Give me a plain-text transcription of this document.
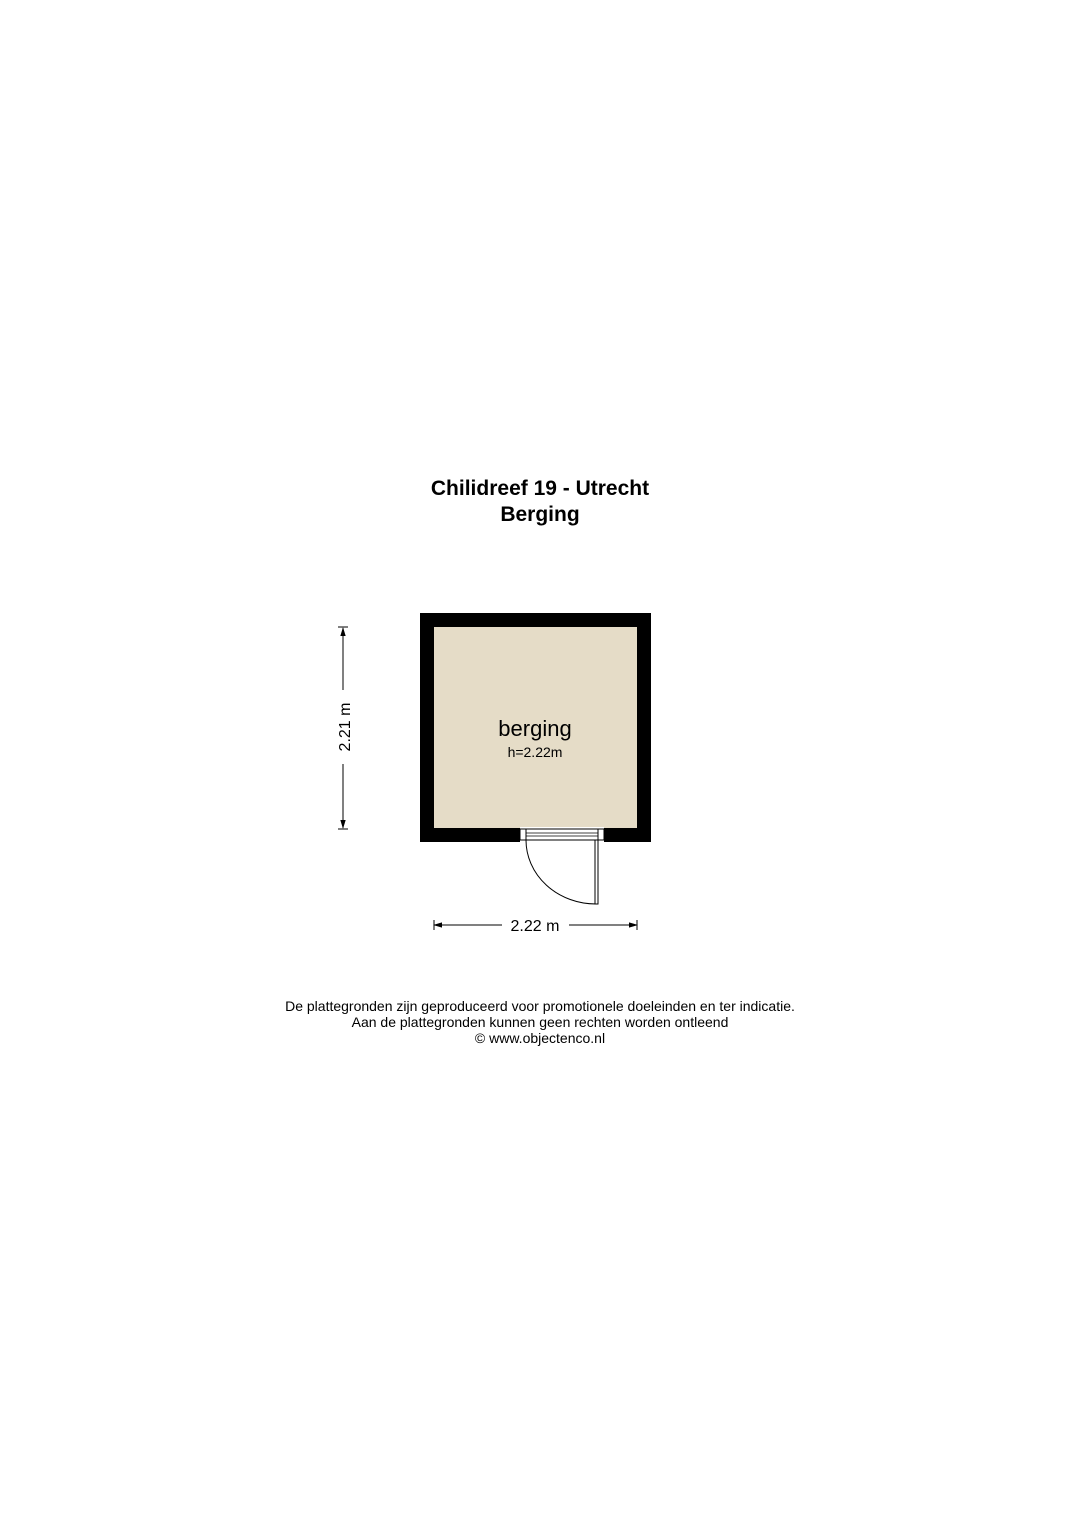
Chilidreef 19 - Utrecht
Berging
berging
h=2.22m
2.21 m
2.22 m
De plattegronden zijn geproduceerd voor promotionele doeleinden en ter indicatie.
Aan de plattegronden kunnen geen rechten worden ontleend
© www.objectenco.nl
